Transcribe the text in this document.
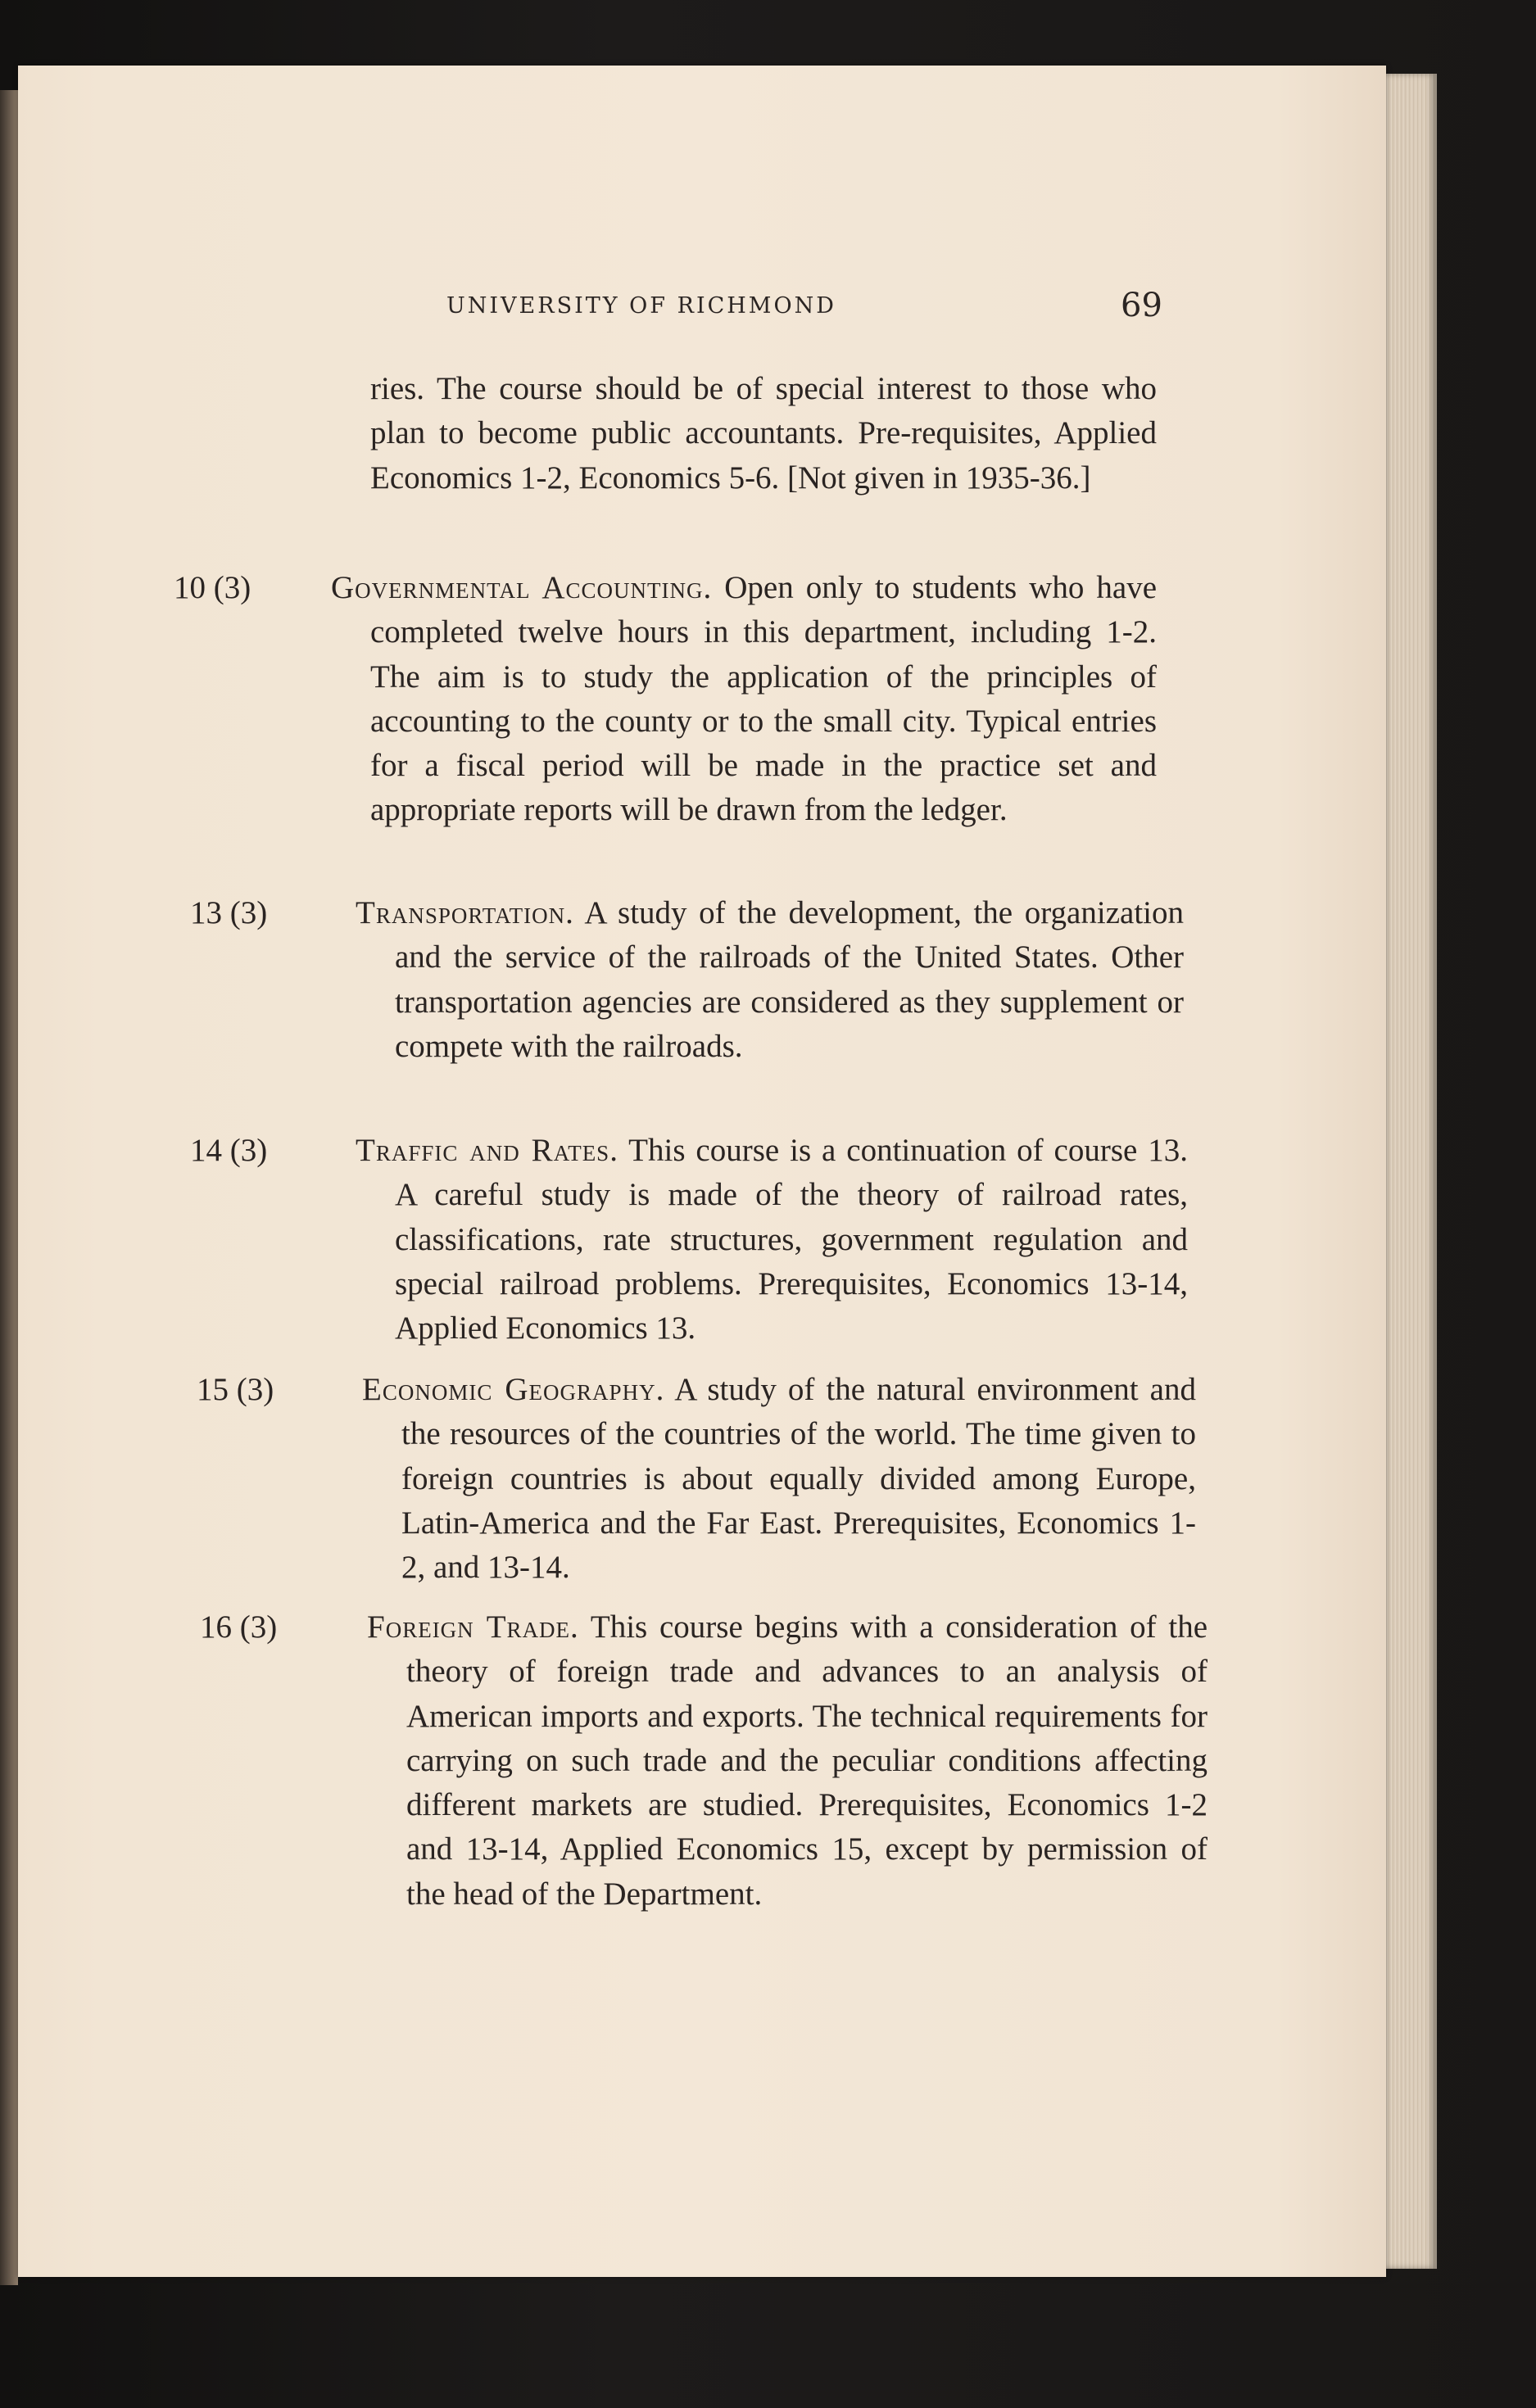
UNIVERSITY OF RICHMOND	69
ries. The course should be of special interest to those who plan to become public accountants. Pre-requisites, Applied Economics 1-2, Economics 5-6. [Not given in 1935-36.]
10 (3)	Governmental Accounting. Open only to students who have completed twelve hours in this department, including 1-2. The aim is to study the application of the principles of accounting to the county or to the small city. Typical entries for a fiscal period will be made in the practice set and appropriate reports will be drawn from the ledger.
13 (3)	Transportation. A study of the development, the organization and the service of the railroads of the United States. Other transportation agencies are considered as they supplement or compete with the railroads.
14 (3)	Traffic and Rates. This course is a continuation of course 13. A careful study is made of the theory of railroad rates, classifications, rate structures, government regulation and special railroad problems. Prerequisites, Economics 13-14, Applied Economics 13.
15 (3)	Economic Geography. A study of the natural environment and the resources of the countries of the world. The time given to foreign countries is about equally divided among Europe, Latin-America and the Far East. Prerequisites, Economics 1-2, and 13-14.
16 (3)	Foreign Trade. This course begins with a consideration of the theory of foreign trade and advances to an analysis of American imports and exports. The technical requirements for carrying on such trade and the peculiar conditions affecting different markets are studied. Prerequisites, Economics 1-2 and 13-14, Applied Economics 15, except by permission of the head of the Department.
